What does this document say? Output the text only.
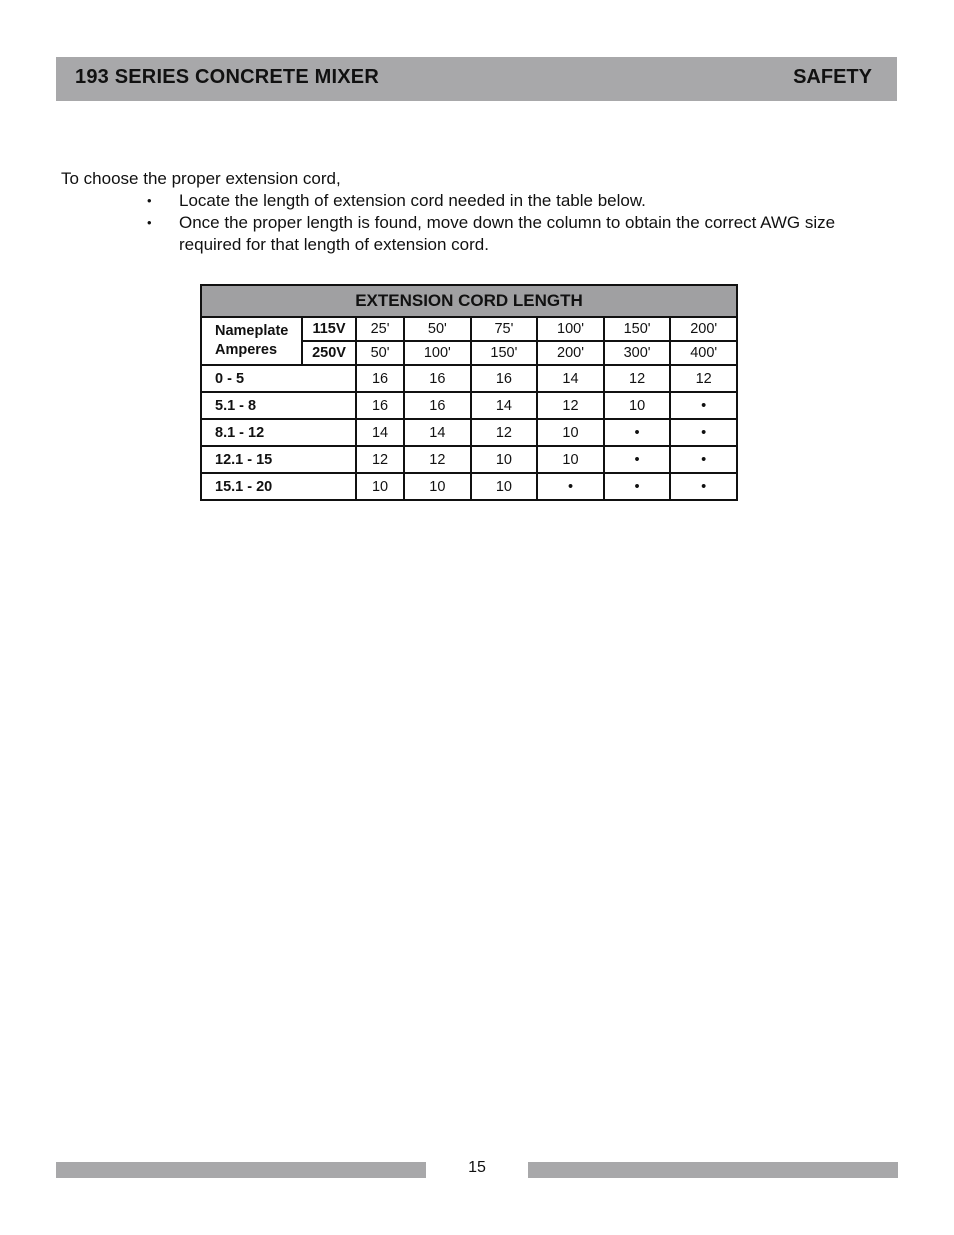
193 SERIES CONCRETE MIXER	SAFETY
To choose the proper extension cord,
• Locate the length of extension cord needed in the table below.
• Once the proper length is found, move down the column to obtain the correct AWG size required for that length of extension cord.
EXTENSION CORD LENGTH							
Nameplate Amperes	115V	25'	50'	75'	100'	150'	200'
	250V	50'	100'	150'	200'	300'	400'
0 - 5		16	16	16	14	12	12
5.1 - 8		16	16	14	12	10	•
8.1 - 12		14	14	12	10	•	•
12.1 - 15		12	12	10	10	•	•
15.1 - 20		10	10	10	•	•	•
15
